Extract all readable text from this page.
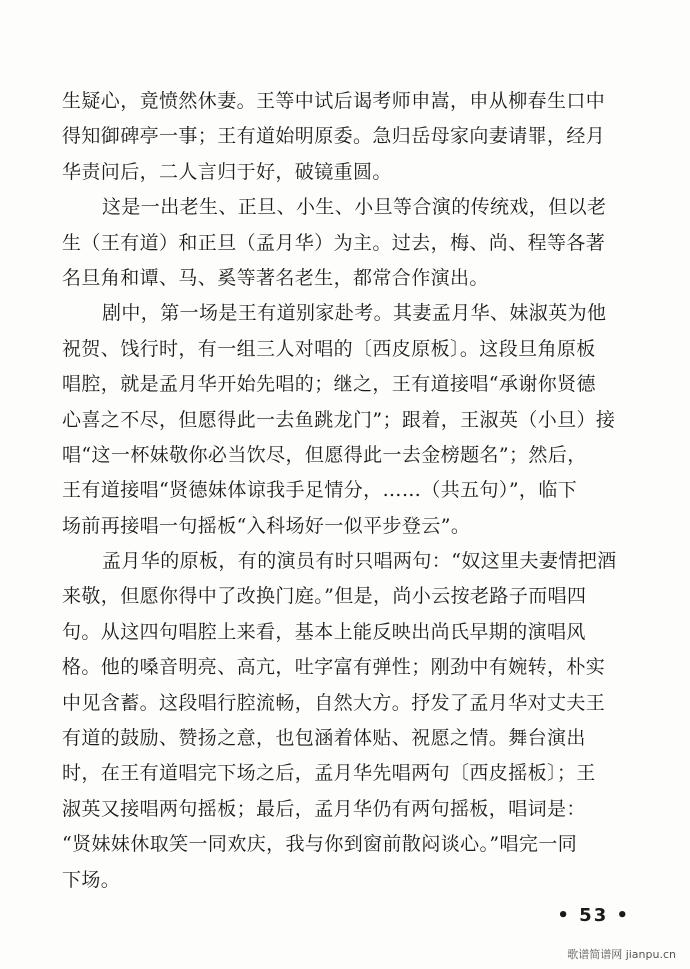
生疑心，竟愤然休妻。王等中试后谒考师申嵩，申从柳春生口中
得知御碑亭一事；王有道始明原委。急归岳母家向妻请罪，经月
华责问后，二人言归于好，破镜重圆。
这是一出老生、正旦、小生、小旦等合演的传统戏，但以老
生（王有道）和正旦（孟月华）为主。过去，梅、尚、程等各著
名旦角和谭、马、奚等著名老生，都常合作演出。
剧中，第一场是王有道别家赴考。其妻孟月华、妹淑英为他
祝贺、饯行时，有一组三人对唱的〔西皮原板〕。这段旦角原板
唱腔，就是孟月华开始先唱的；继之，王有道接唱“承谢你贤德
心喜之不尽，但愿得此一去鱼跳龙门”；跟着，王淑英（小旦）接
唱“这一杯妹敬你必当饮尽，但愿得此一去金榜题名”；然后，
王有道接唱“贤德妹体谅我手足情分，……（共五句）”，临下
场前再接唱一句摇板“入科场好一似平步登云”。
孟月华的原板，有的演员有时只唱两句：“奴这里夫妻情把酒
来敬，但愿你得中了改换门庭。”但是，尚小云按老路子而唱四
句。从这四句唱腔上来看，基本上能反映出尚氏早期的演唱风
格。他的嗓音明亮、高亢，吐字富有弹性；刚劲中有婉转，朴实
中见含蓄。这段唱行腔流畅，自然大方。抒发了孟月华对丈夫王
有道的鼓励、赞扬之意，也包涵着体贴、祝愿之情。舞台演出
时，在王有道唱完下场之后，孟月华先唱两句〔西皮摇板〕；王
淑英又接唱两句摇板；最后，孟月华仍有两句摇板，唱词是：
“贤妹妹休取笑一同欢庆，我与你到窗前散闷谈心。”唱完一同
下场。
• 53 •
歌谱简谱网 jianpu.cn
